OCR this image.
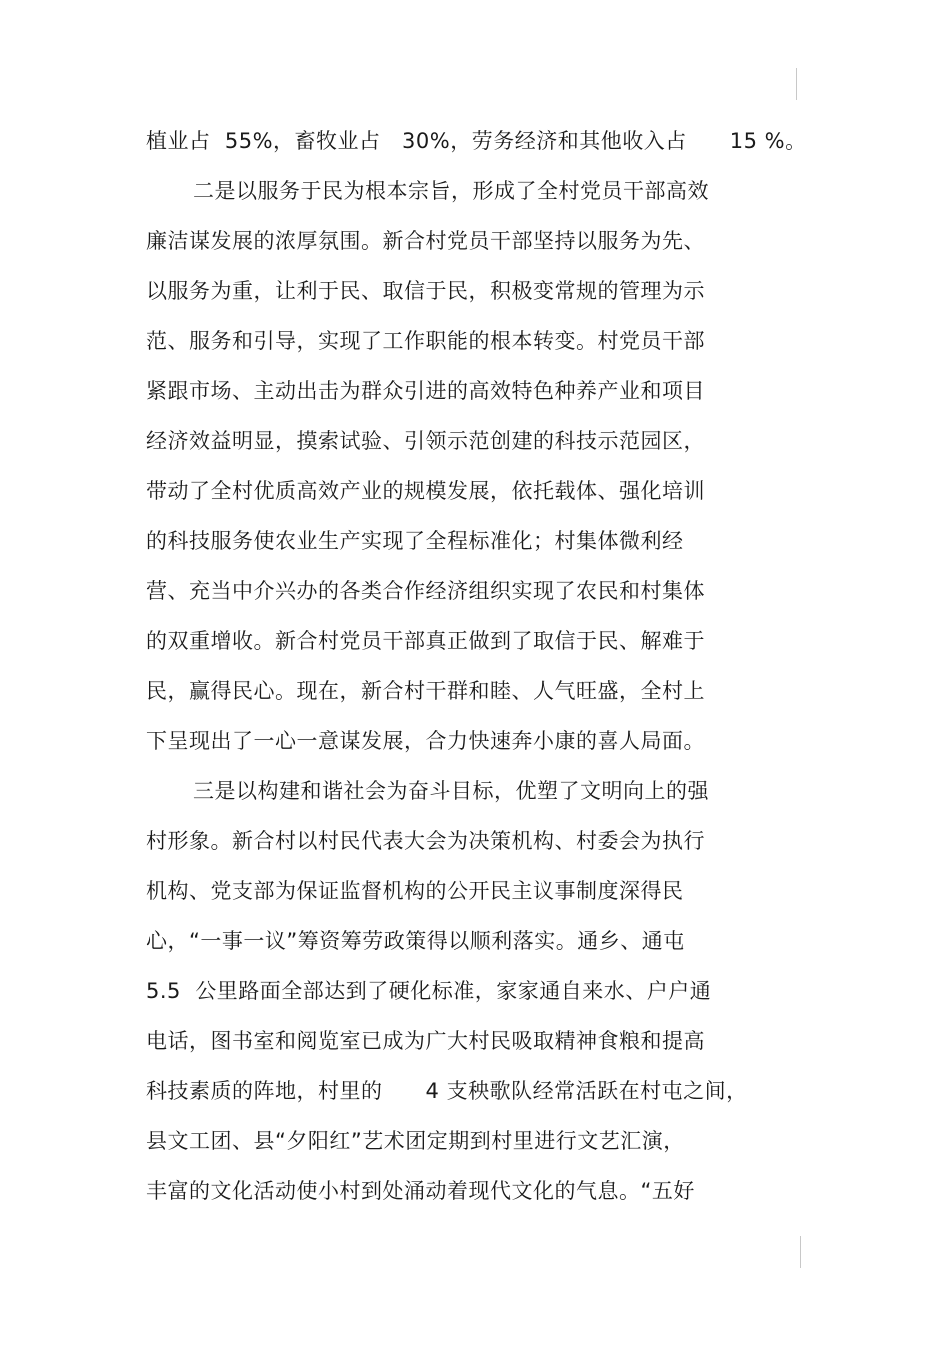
植业占  55%，畜牧业占   30%，劳务经济和其他收入占      15 %。
二是以服务于民为根本宗旨，形成了全村党员干部高效
廉洁谋发展的浓厚氛围。新合村党员干部坚持以服务为先、
以服务为重，让利于民、取信于民，积极变常规的管理为示
范、服务和引导，实现了工作职能的根本转变。村党员干部
紧跟市场、主动出击为群众引进的高效特色种养产业和项目
经济效益明显，摸索试验、引领示范创建的科技示范园区，
带动了全村优质高效产业的规模发展，依托载体、强化培训
的科技服务使农业生产实现了全程标准化；村集体微利经
营、充当中介兴办的各类合作经济组织实现了农民和村集体
的双重增收。新合村党员干部真正做到了取信于民、解难于
民，赢得民心。现在，新合村干群和睦、人气旺盛，全村上
下呈现出了一心一意谋发展，合力快速奔小康的喜人局面。
三是以构建和谐社会为奋斗目标，优塑了文明向上的强
村形象。新合村以村民代表大会为决策机构、村委会为执行
机构、党支部为保证监督机构的公开民主议事制度深得民
心，“一事一议”筹资筹劳政策得以顺利落实。通乡、通屯
5.5  公里路面全部达到了硬化标准，家家通自来水、户户通
电话，图书室和阅览室已成为广大村民吸取精神食粮和提高
科技素质的阵地，村里的      4 支秧歌队经常活跃在村屯之间，
县文工团、县“夕阳红”艺术团定期到村里进行文艺汇演，
丰富的文化活动使小村到处涌动着现代文化的气息。“五好
